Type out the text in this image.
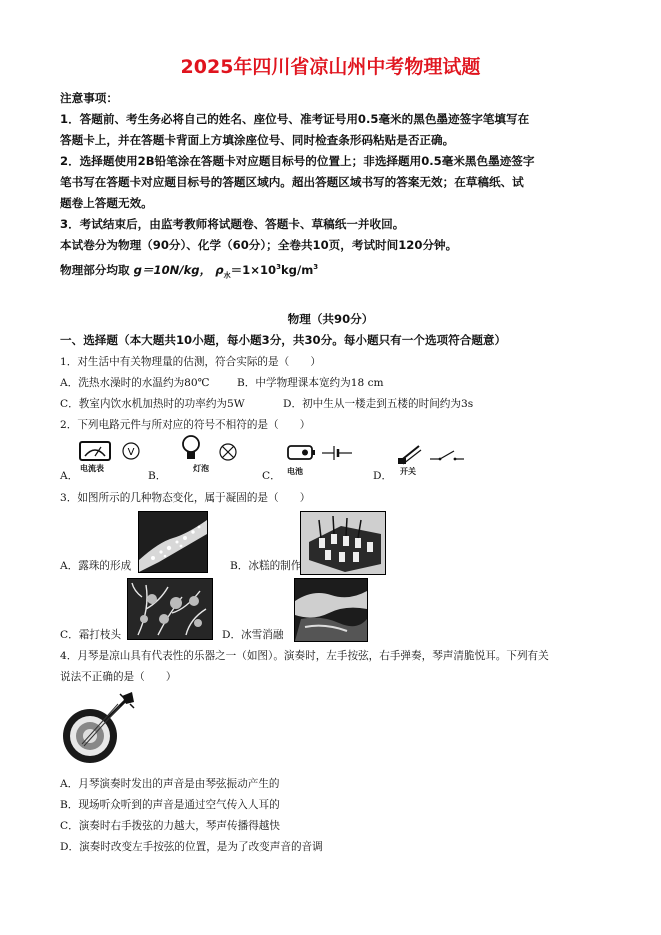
2025年四川省凉山州中考物理试题
注意事项：
1．答题前、考生务必将自己的姓名、座位号、准考证号用0.5毫米的黑色墨迹签字笔填写在
答题卡上，并在答题卡背面上方填涂座位号、同时检查条形码粘贴是否正确。
2．选择题使用2B铅笔涂在答题卡对应题目标号的位置上；非选择题用0.5毫米黑色墨迹签字
笔书写在答题卡对应题目标号的答题区域内。超出答题区域书写的答案无效；在草稿纸、试
题卷上答题无效。
3．考试结束后，由监考教师将试题卷、答题卡、草稿纸一并收回。
本试卷分为物理（90分）、化学（60分）；全卷共10页，考试时间120分钟。
物理部分均取 g＝10N/kg， $\rho_水=1\times 10^3kg/m^3$
物理（共90分）
一、选择题（本大题共10小题，每小题3分，共30分。每小题只有一个选项符合题意）
1．对生活中有关物理量的估测，符合实际的是（　　）
A．洗热水澡时的水温约为80℃	B．中学物理课本宽约为18 cm
C．教室内饮水机加热时的功率约为5W	D．初中生从一楼走到五楼的时间约为3s
2．下列电路元件与所对应的符号不相符的是（　　）
电流表
V
A．
灯泡
B．	电池
C．	开关
D．
3．如图所示的几种物态变化，属于凝固的是（　　）
A．露珠的形成	B．冰糕的制作
C．霜打枝头	D．冰雪消融
4．月琴是凉山具有代表性的乐器之一（如图）。演奏时，左手按弦，右手弹奏，琴声清脆悦耳。下列有关
说法不正确的是（　　）
A．月琴演奏时发出的声音是由琴弦振动产生的
B．现场听众听到的声音是通过空气传入人耳的
C．演奏时右手拨弦的力越大，琴声传播得越快
D．演奏时改变左手按弦的位置，是为了改变声音的音调
